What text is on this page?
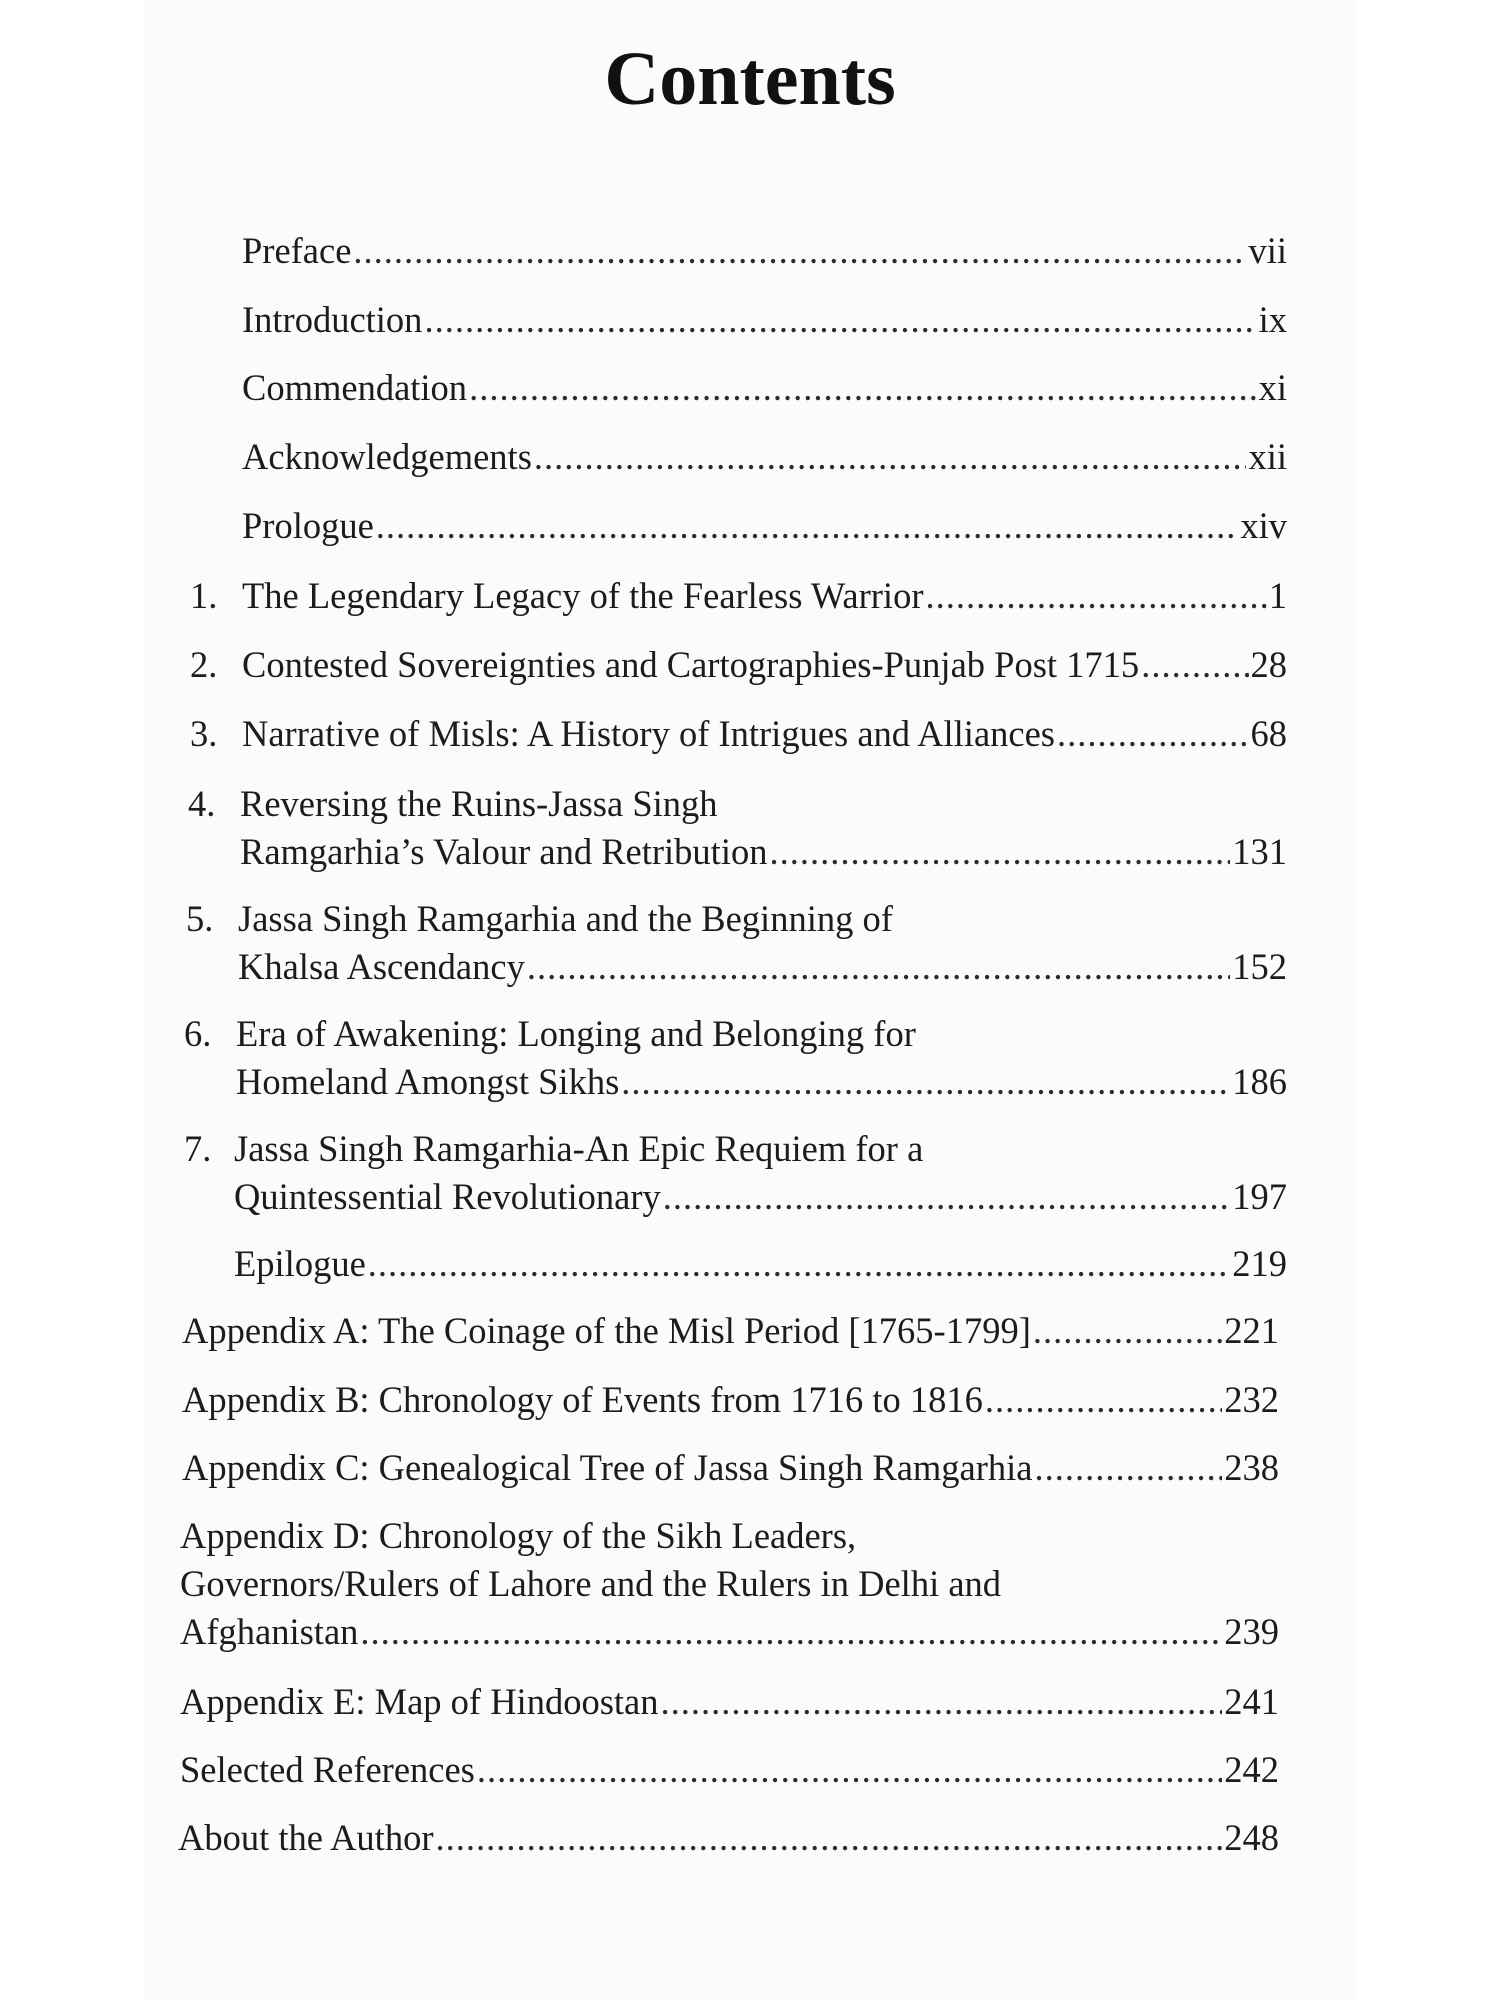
Contents
Preface .....	vii
Introduction .....	ix
Commendation .....	xi
Acknowledgements .....	xii
Prologue .....	xiv
1. The Legendary Legacy of the Fearless Warrior .....	1
2. Contested Sovereignties and Cartographies-Punjab Post 1715 .....	28
3. Narrative of Misls: A History of Intrigues and Alliances .....	68
4. Reversing the Ruins-Jassa Singh
Ramgarhia’s Valour and Retribution .....	131
5. Jassa Singh Ramgarhia and the Beginning of
Khalsa Ascendancy .....	152
6. Era of Awakening: Longing and Belonging for
Homeland Amongst Sikhs .....	186
7. Jassa Singh Ramgarhia-An Epic Requiem for a
Quintessential Revolutionary .....	197
Epilogue .....	219
Appendix A: The Coinage of the Misl Period [1765-1799] .....	221
Appendix B: Chronology of Events from 1716 to 1816 .....	232
Appendix C: Genealogical Tree of Jassa Singh Ramgarhia .....	238
Appendix D: Chronology of the Sikh Leaders,
Governors/Rulers of Lahore and the Rulers in Delhi and
Afghanistan .....	239
Appendix E: Map of Hindoostan .....	241
Selected References .....	242
About the Author .....	248
